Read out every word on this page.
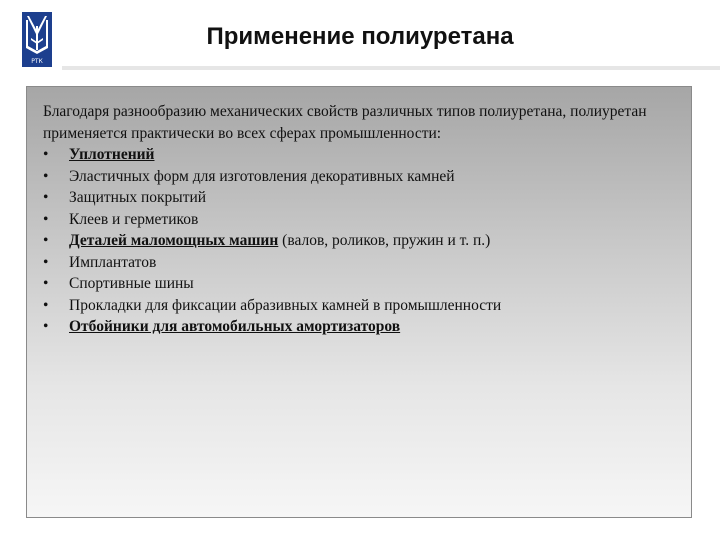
РТК
Применение полиуретана
Благодаря разнообразию механических свойств различных типов полиуретана, полиуретан применяется практически во всех сферах промышленности:
• Уплотнений
• Эластичных форм для изготовления декоративных камней
• Защитных покрытий
• Клеев и герметиков
• Деталей маломощных машин (валов, роликов, пружин и т. п.)
• Имплантатов
• Спортивные шины
• Прокладки для фиксации абразивных камней в промышленности
• Отбойники для автомобильных амортизаторов
